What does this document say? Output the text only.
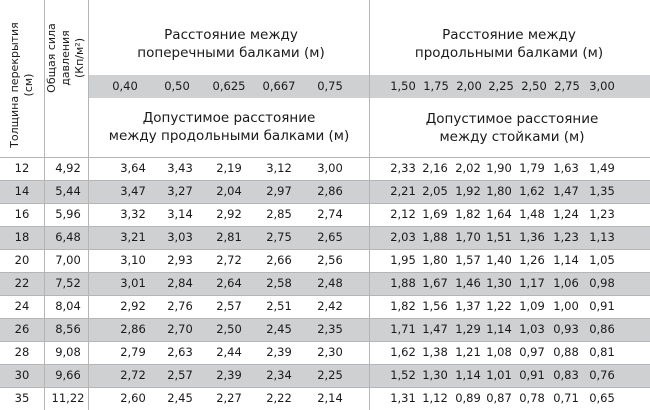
Толщина перекрытия
(см) Общая сила давления
(Кп/м²)
Расстояние между
поперечными балками (м)
Расстояние между
продольными балками (м)
Допустимое расстояние
между продольными балками (м)
Допустимое расстояние
между стойками (м)
0,40 0,50 0,625 0,667 0,75	1,50 1,75 2,00 2,25 2,50 2,75 3,00
12 4,92	3,64 3,43 2,19 3,12 3,00	2,33 2,16 2,02 1,90 1,79 1,63 1,49
14 5,44	3,47 3,27 2,04 2,97 2,86	2,21 2,05 1,92 1,80 1,62 1,47 1,35
16 5,96	3,32 3,14 2,92 2,85 2,74	2,12 1,69 1,82 1,64 1,48 1,24 1,23
18 6,48	3,21 3,03 2,81 2,75 2,65	2,03 1,88 1,70 1,51 1,36 1,23 1,13
20 7,00	3,10 2,93 2,72 2,66 2,56	1,95 1,80 1,57 1,40 1,26 1,14 1,05
22 7,52	3,01 2,84 2,64 2,58 2,48	1,88 1,67 1,46 1,30 1,17 1,06 0,98
24 8,04	2,92 2,76 2,57 2,51 2,42	1,82 1,56 1,37 1,22 1,09 1,00 0,91
26 8,56	2,86 2,70 2,50 2,45 2,35	1,71 1,47 1,29 1,14 1,03 0,93 0,86
28 9,08	2,79 2,63 2,44 2,39 2,30	1,62 1,38 1,21 1,08 0,97 0,88 0,81
30 9,66	2,72 2,57 2,39 2,34 2,25	1,52 1,30 1,14 1,01 0,91 0,83 0,76
35 11,22	2,60 2,45 2,27 2,22 2,14	1,31 1,12 0,89 0,87 0,78 0,71 0,65
